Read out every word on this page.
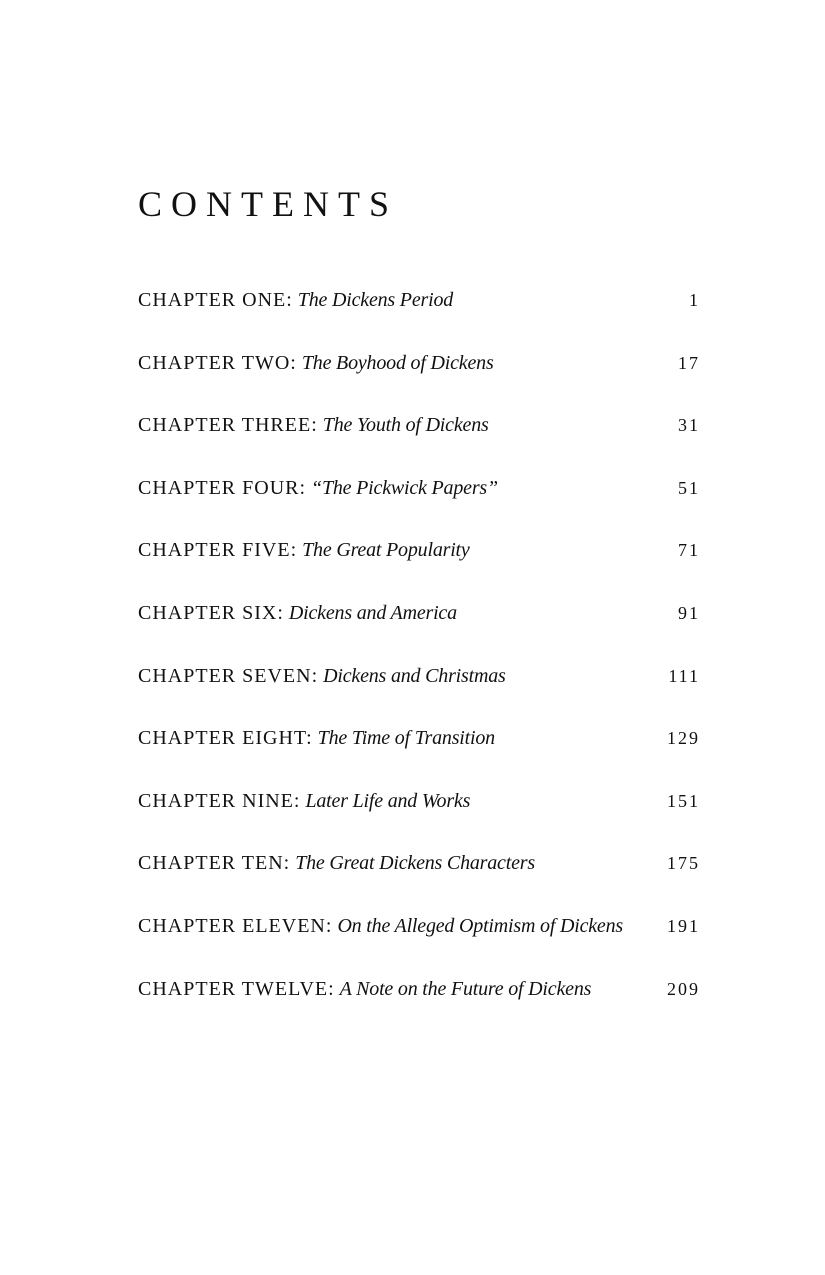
CONTENTS
CHAPTER ONE: The Dickens Period	1
CHAPTER TWO: The Boyhood of Dickens	17
CHAPTER THREE: The Youth of Dickens	31
CHAPTER FOUR: “The Pickwick Papers”	51
CHAPTER FIVE: The Great Popularity	71
CHAPTER SIX: Dickens and America	91
CHAPTER SEVEN: Dickens and Christmas	111
CHAPTER EIGHT: The Time of Transition	129
CHAPTER NINE: Later Life and Works	151
CHAPTER TEN: The Great Dickens Characters	175
CHAPTER ELEVEN: On the Alleged Optimism of Dickens 191
CHAPTER TWELVE: A Note on the Future of Dickens	209
